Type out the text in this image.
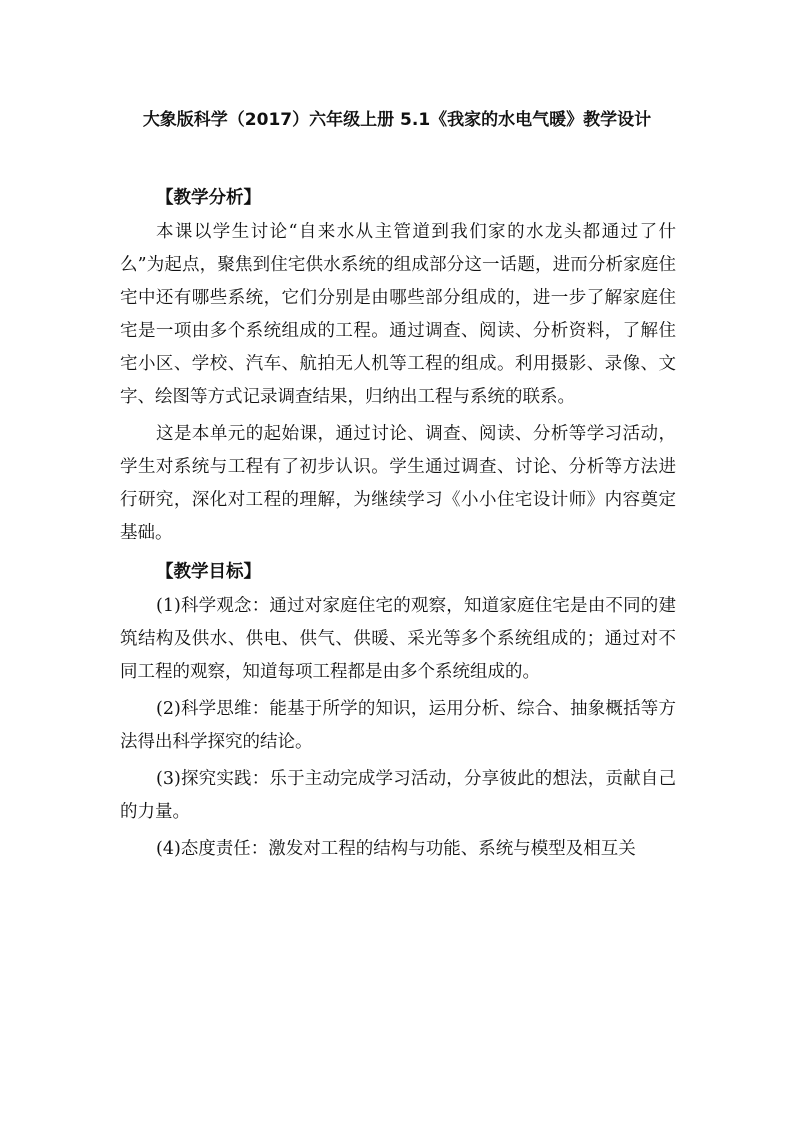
大象版科学（2017）六年级上册 5.1《我家的水电气暖》教学设计
【教学分析】

本课以学生讨论“自来水从主管道到我们家的水龙头都通过了什么”为起点，聚焦到住宅供水系统的组成部分这一话题，进而分析家庭住宅中还有哪些系统，它们分别是由哪些部分组成的，进一步了解家庭住宅是一项由多个系统组成的工程。通过调查、阅读、分析资料，了解住宅小区、学校、汽车、航拍无人机等工程的组成。利用摄影、录像、文字、绘图等方式记录调查结果，归纳出工程与系统的联系。

这是本单元的起始课，通过讨论、调查、阅读、分析等学习活动，学生对系统与工程有了初步认识。学生通过调查、讨论、分析等方法进行研究，深化对工程的理解，为继续学习《小小住宅设计师》内容奠定基础。

【教学目标】

(1)科学观念：通过对家庭住宅的观察，知道家庭住宅是由不同的建筑结构及供水、供电、供气、供暖、采光等多个系统组成的；通过对不同工程的观察，知道每项工程都是由多个系统组成的。

(2)科学思维：能基于所学的知识，运用分析、综合、抽象概括等方法得出科学探究的结论。

(3)探究实践：乐于主动完成学习活动，分享彼此的想法，贡献自己的力量。

(4)态度责任：激发对工程的结构与功能、系统与模型及相互关
